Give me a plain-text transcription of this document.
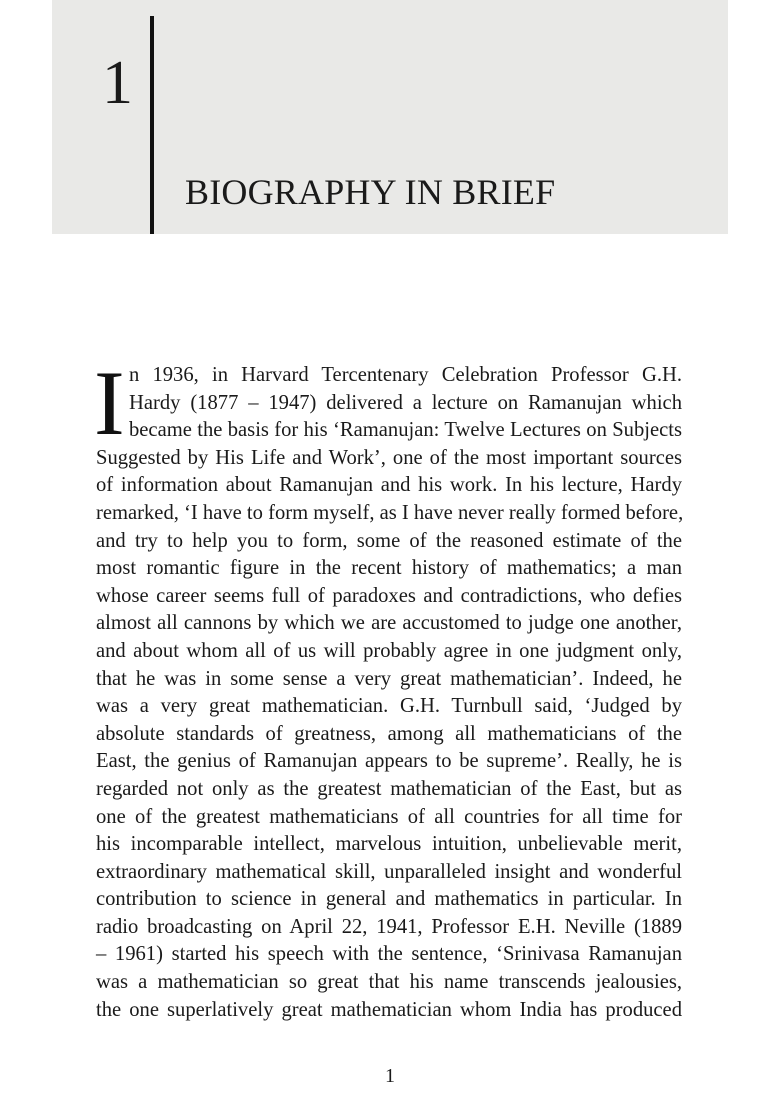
1
BIOGRAPHY IN BRIEF
I n 1936, in Harvard Tercentenary Celebration Professor G.H.
Hardy (1877 – 1947) delivered a lecture on Ramanujan which
became the basis for his ‘Ramanujan: Twelve Lectures on Subjects
Suggested by His Life and Work’, one of the most important sources
of information about Ramanujan and his work. In his lecture, Hardy
remarked, ‘I have to form myself, as I have never really formed before,
and try to help you to form, some of the reasoned estimate of the
most romantic figure in the recent history of mathematics; a man
whose career seems full of paradoxes and contradictions, who defies
almost all cannons by which we are accustomed to judge one another,
and about whom all of us will probably agree in one judgment only,
that he was in some sense a very great mathematician’. Indeed, he
was a very great mathematician. G.H. Turnbull said, ‘Judged by
absolute standards of greatness, among all mathematicians of the
East, the genius of Ramanujan appears to be supreme’. Really, he is
regarded not only as the greatest mathematician of the East, but as
one of the greatest mathematicians of all countries for all time for
his incomparable intellect, marvelous intuition, unbelievable merit,
extraordinary mathematical skill, unparalleled insight and wonderful
contribution to science in general and mathematics in particular. In
radio broadcasting on April 22, 1941, Professor E.H. Neville (1889
– 1961) started his speech with the sentence, ‘Srinivasa Ramanujan
was a mathematician so great that his name transcends jealousies,
the one superlatively great mathematician whom India has produced
1
